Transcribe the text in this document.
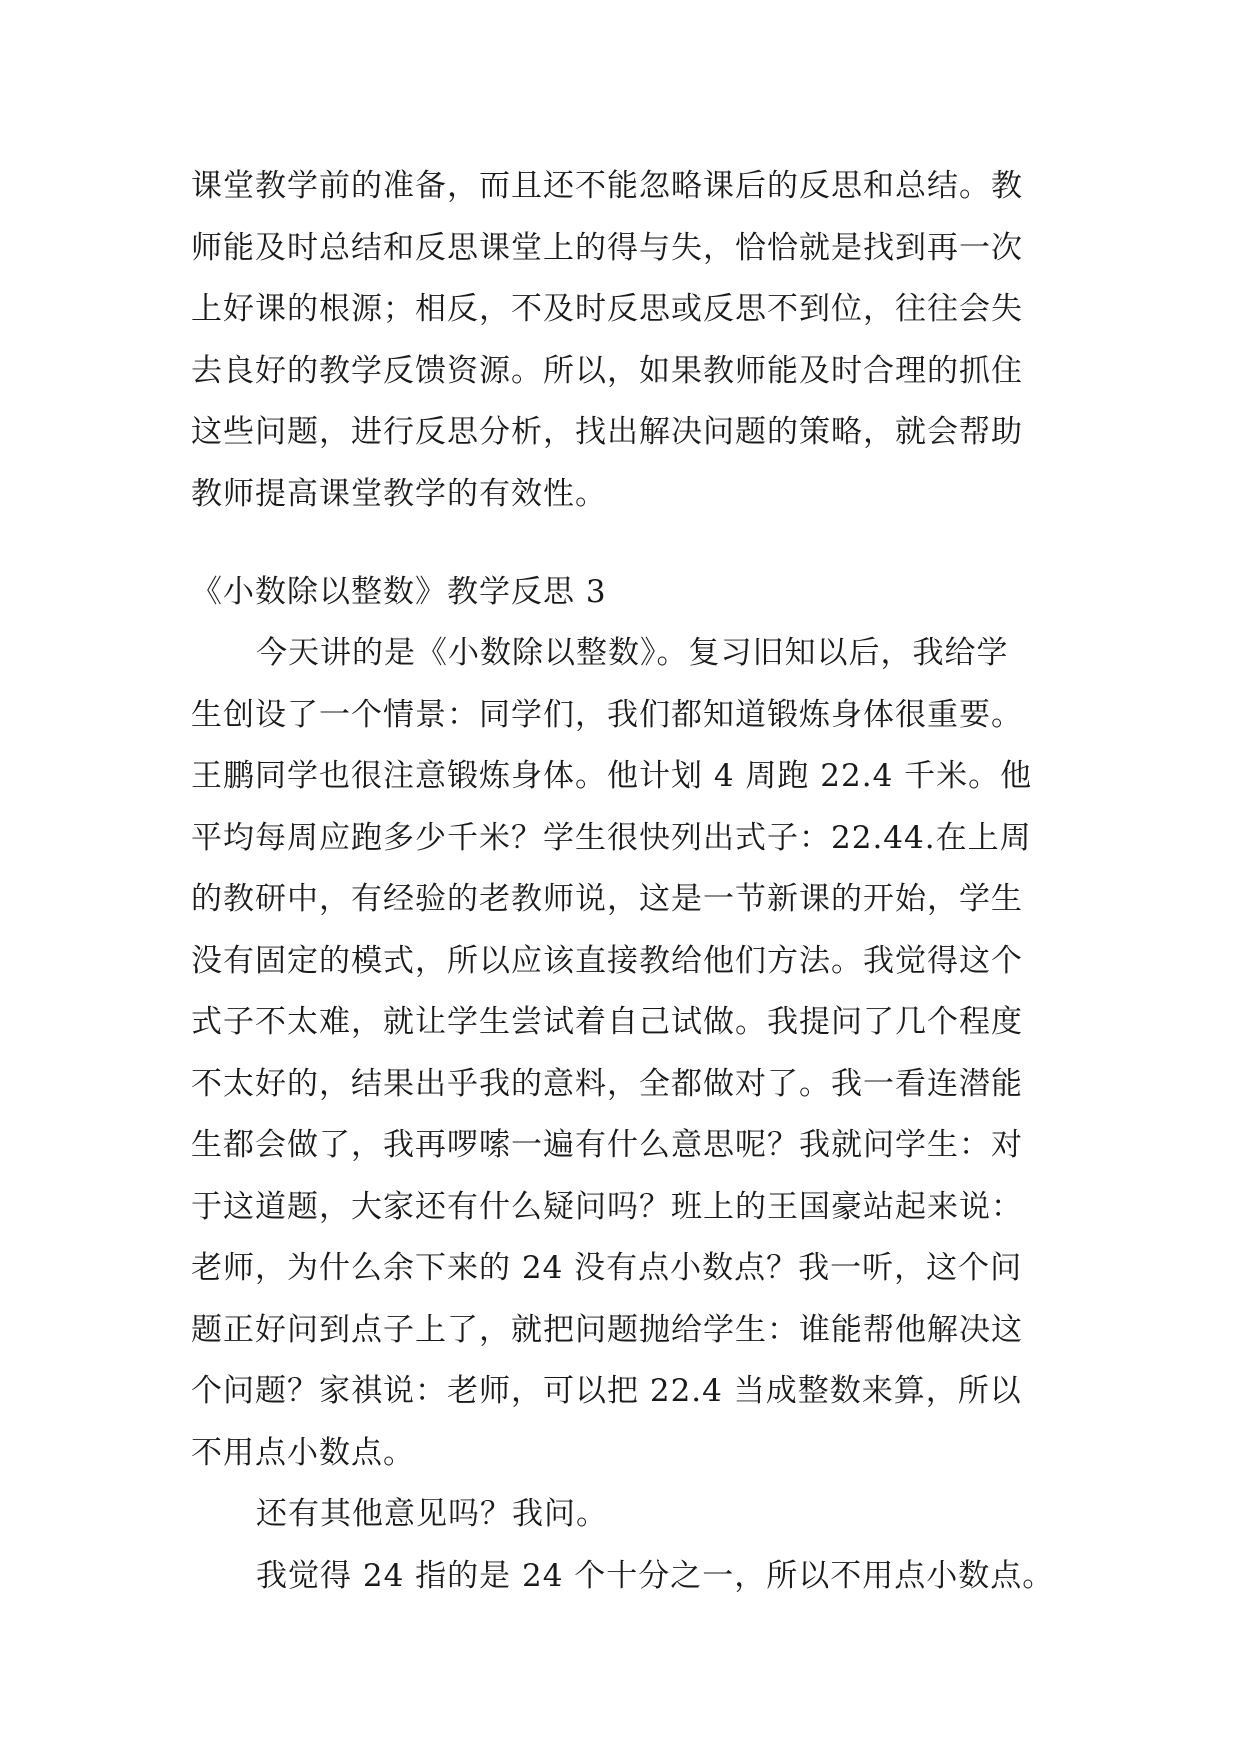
课堂教学前的准备，而且还不能忽略课后的反思和总结。教
师能及时总结和反思课堂上的得与失，恰恰就是找到再一次
上好课的根源；相反，不及时反思或反思不到位，往往会失
去良好的教学反馈资源。所以，如果教师能及时合理的抓住
这些问题，进行反思分析，找出解决问题的策略，就会帮助
教师提高课堂教学的有效性。
《小数除以整数》教学反思 3
今天讲的是《小数除以整数》。复习旧知以后，我给学
生创设了一个情景：同学们，我们都知道锻炼身体很重要。
王鹏同学也很注意锻炼身体。他计划 4 周跑 22.4 千米。他
平均每周应跑多少千米？学生很快列出式子：22.44.在上周
的教研中，有经验的老教师说，这是一节新课的开始，学生
没有固定的模式，所以应该直接教给他们方法。我觉得这个
式子不太难，就让学生尝试着自己试做。我提问了几个程度
不太好的，结果出乎我的意料，全都做对了。我一看连潜能
生都会做了，我再啰嗦一遍有什么意思呢？我就问学生：对
于这道题，大家还有什么疑问吗？班上的王国豪站起来说：
老师，为什么余下来的 24 没有点小数点？我一听，这个问
题正好问到点子上了，就把问题抛给学生：谁能帮他解决这
个问题？家祺说：老师，可以把 22.4 当成整数来算，所以
不用点小数点。
还有其他意见吗？我问。
我觉得 24 指的是 24 个十分之一，所以不用点小数点。
